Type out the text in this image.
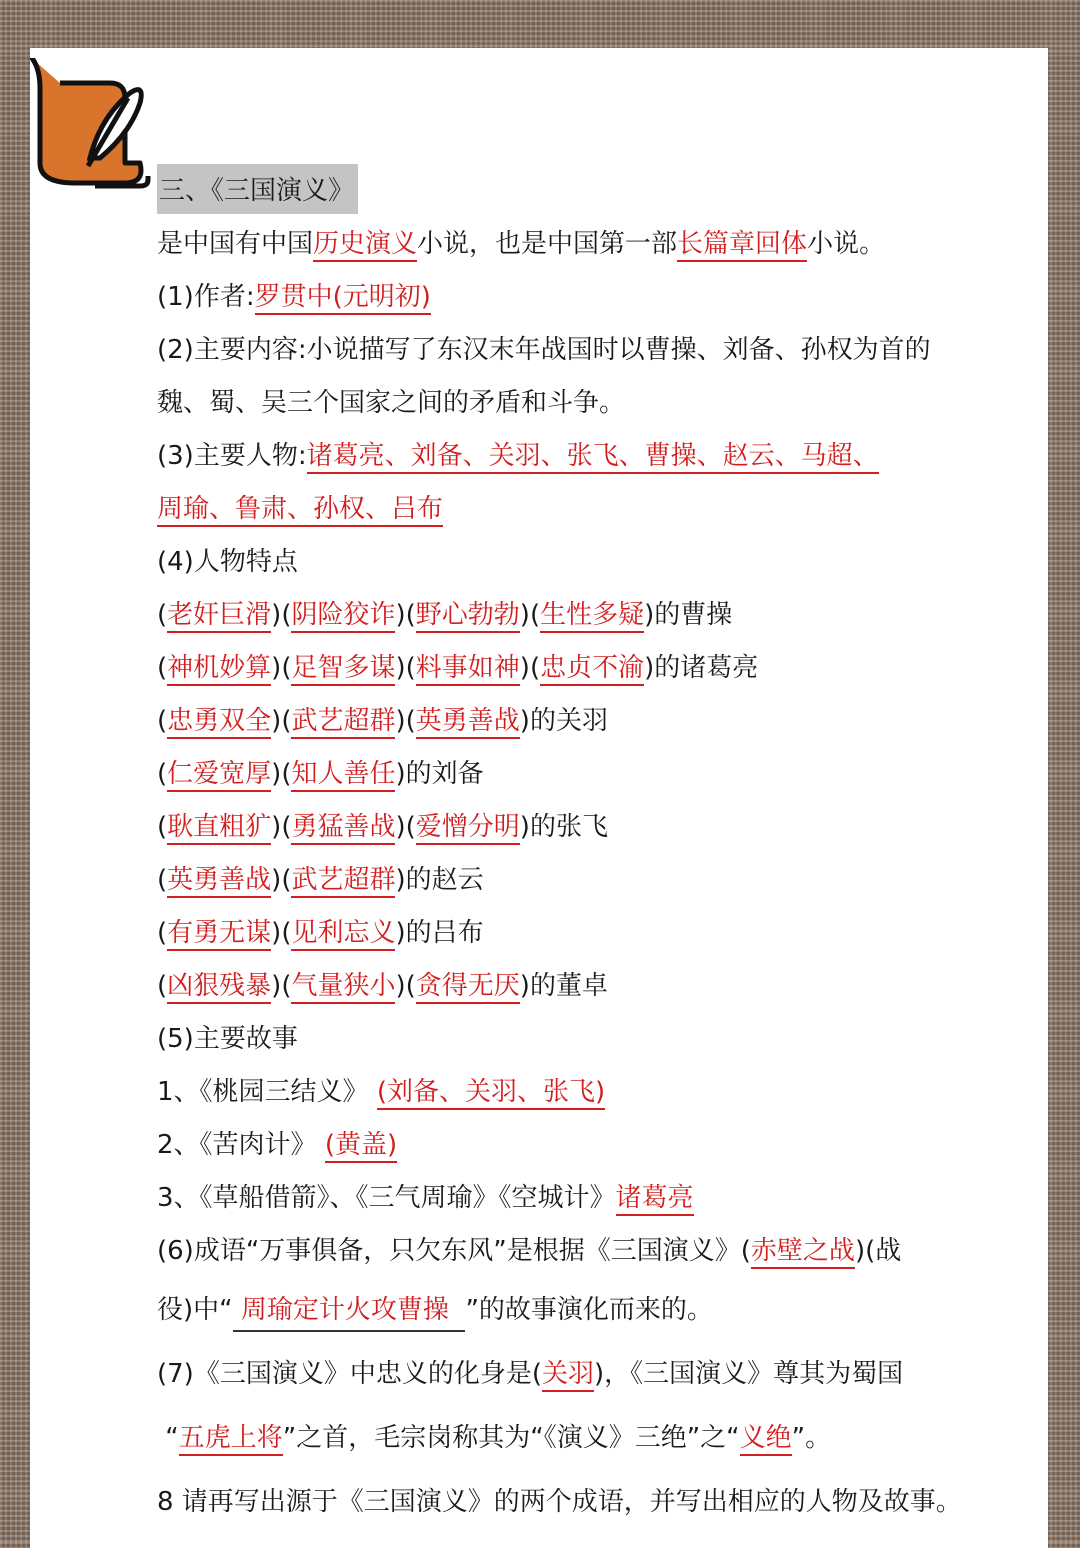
三、《三国演义》
是中国有中国历史演义小说，也是中国第一部长篇章回体小说。
(1)作者:罗贯中(元明初)
(2)主要内容:小说描写了东汉末年战国时以曹操、刘备、孙权为首的
魏、蜀、吴三个国家之间的矛盾和斗争。
(3)主要人物:诸葛亮、刘备、关羽、张飞、曹操、赵云、马超、
周瑜、鲁肃、孙权、吕布
(4)人物特点
(老奸巨滑)(阴险狡诈)(野心勃勃)(生性多疑)的曹操
(神机妙算)(足智多谋)(料事如神)(忠贞不渝)的诸葛亮
(忠勇双全)(武艺超群)(英勇善战)的关羽
(仁爱宽厚)(知人善任)的刘备
(耿直粗犷)(勇猛善战)(爱憎分明)的张飞
(英勇善战)(武艺超群)的赵云
(有勇无谋)(见利忘义)的吕布
(凶狠残暴)(气量狭小)(贪得无厌)的董卓
(5)主要故事
1、《桃园三结义》 (刘备、关羽、张飞)
2、《苦肉计》 (黄盖)
3、《草船借箭》、《三气周瑜》《空城计》诸葛亮
(6)成语“万事俱备，只欠东风”是根据《三国演义》(赤壁之战)(战
役)中“ 周瑜定计火攻曹操 ”的故事演化而来的。
(7)《三国演义》中忠义的化身是(关羽)，《三国演义》尊其为蜀国
“五虎上将”之首，毛宗岗称其为“《演义》三绝”之“义绝”。
8 请再写出源于《三国演义》的两个成语，并写出相应的人物及故事。
